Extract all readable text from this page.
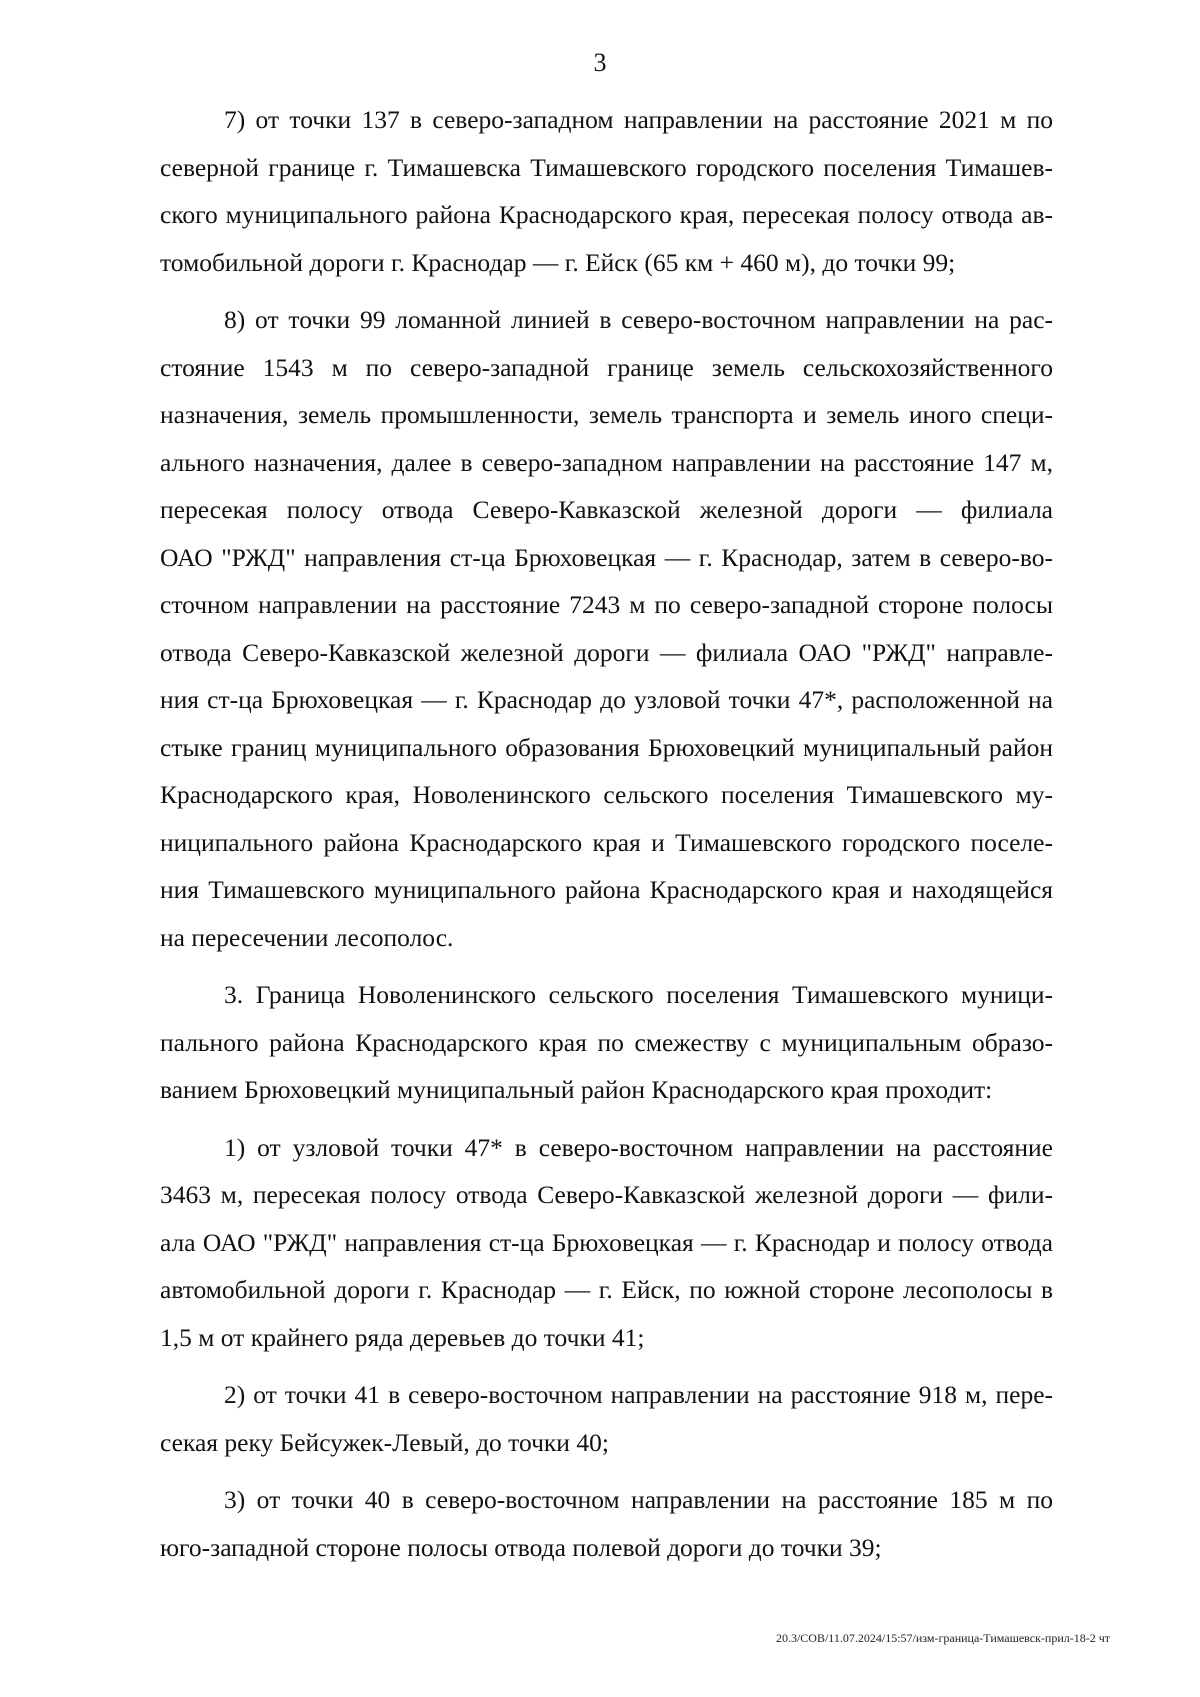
3

7) от точки 137 в северо-западном направлении на расстояние 2021 м по
северной границе г. Тимашевска Тимашевского городского поселения Тимашев-
ского муниципального района Краснодарского края, пересекая полосу отвода ав-
томобильной дороги г. Краснодар — г. Ейск (65 км + 460 м), до точки 99;

8) от точки 99 ломанной линией в северо-восточном направлении на рас-
стояние 1543 м по северо-западной границе земель сельскохозяйственного
назначения, земель промышленности, земель транспорта и земель иного специ-
ального назначения, далее в северо-западном направлении на расстояние 147 м,
пересекая полосу отвода Северо-Кавказской железной дороги — филиала
ОАО "РЖД" направления ст-ца Брюховецкая — г. Краснодар, затем в северо-во-
сточном направлении на расстояние 7243 м по северо-западной стороне полосы
отвода Северо-Кавказской железной дороги — филиала ОАО "РЖД" направле-
ния ст-ца Брюховецкая — г. Краснодар до узловой точки 47*, расположенной на
стыке границ муниципального образования Брюховецкий муниципальный район
Краснодарского края, Новоленинского сельского поселения Тимашевского му-
ниципального района Краснодарского края и Тимашевского городского поселе-
ния Тимашевского муниципального района Краснодарского края и находящейся
на пересечении лесополос.

3. Граница Новоленинского сельского поселения Тимашевского муници-
пального района Краснодарского края по смежеству с муниципальным образо-
ванием Брюховецкий муниципальный район Краснодарского края проходит:

1) от узловой точки 47* в северо-восточном направлении на расстояние
3463 м, пересекая полосу отвода Северо-Кавказской железной дороги — фили-
ала ОАО "РЖД" направления ст-ца Брюховецкая — г. Краснодар и полосу отвода
автомобильной дороги г. Краснодар — г. Ейск, по южной стороне лесополосы в
1,5 м от крайнего ряда деревьев до точки 41;

2) от точки 41 в северо-восточном направлении на расстояние 918 м, пере-
секая реку Бейсужек-Левый, до точки 40;

3) от точки 40 в северо-восточном направлении на расстояние 185 м по
юго-западной стороне полосы отвода полевой дороги до точки 39;

20.3/СОВ/11.07.2024/15:57/изм-граница-Тимашевск-прил-18-2 чт
